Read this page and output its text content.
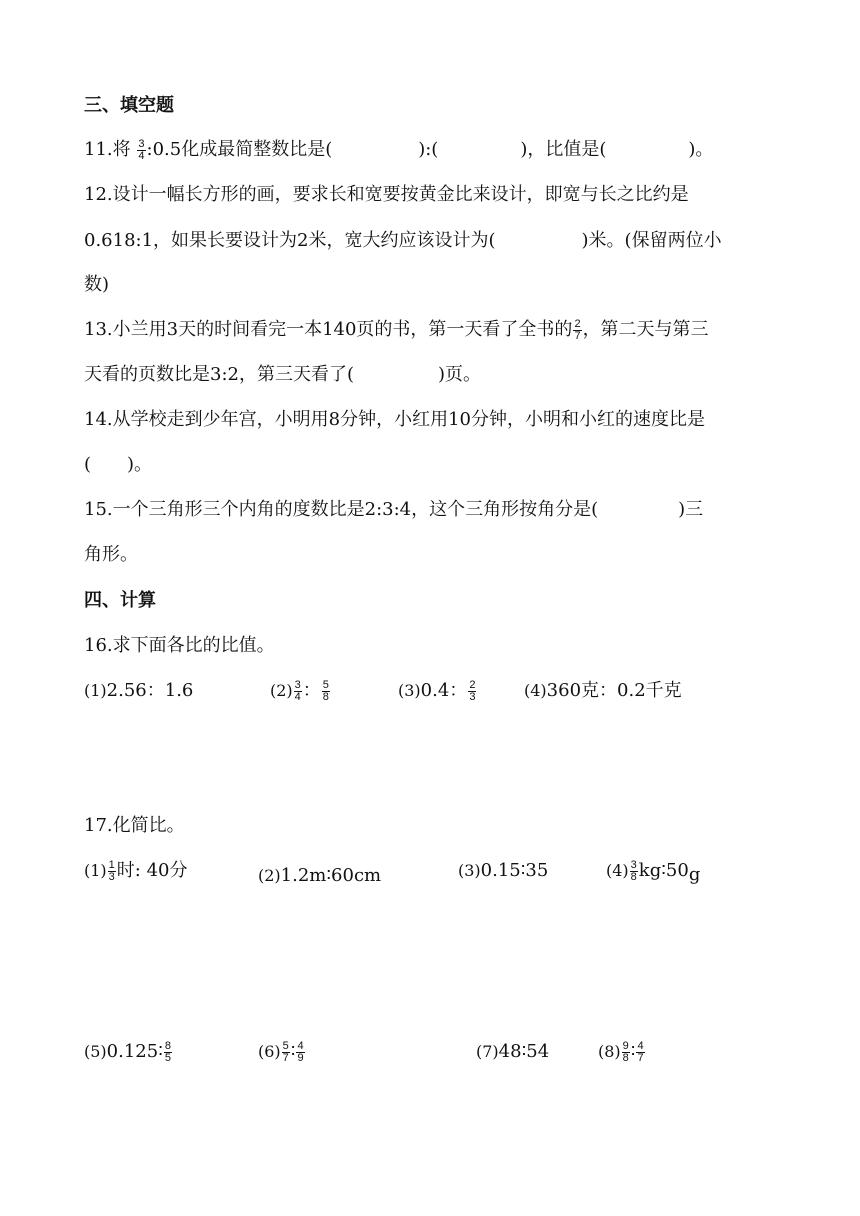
三、填空题
11.将 $\frac{3}{4}$ :0.5化成最简整数比是(	):(	)，比值是(	)。
12.设计一幅长方形的画，要求长和宽要按黄金比来设计，即宽与长之比约是
0.618:1，如果长要设计为2米，宽大约应该设计为(	)米。(保留两位小
数)
13.小兰用3天的时间看完一本140页的书，第一天看了全书的 $\frac{2}{7}$ ，第二天与第三
天看的页数比是3:2，第三天看了(	)页。
14.从学校走到少年宫，小明用8分钟，小红用10分钟，小明和小红的速度比是
( )。
15.一个三角形三个内角的度数比是2:3:4，这个三角形按角分是(	)三
角形。
四、计算
16.求下面各比的比值。
(1)2.56：1.6	$(2) \frac{3}{4}$ ： $\frac{5}{8}$	(3)0.4： $\frac{2}{3}$	(4)360克：0.2千克
17.化简比。
$(1) \frac{1}{3}$ 时: 40分	(2)1.2m∶60cm	(3)0.15∶35	$(4) \frac{3}{8}$ kg∶50g
(5)0.125∶ $\frac{8}{5}$	$(6) \frac{5}{7}$ ∶ $\frac{4}{9}$	(7)48∶54	$(8) \frac{9}{8}$ ∶ $\frac{4}{7}$
